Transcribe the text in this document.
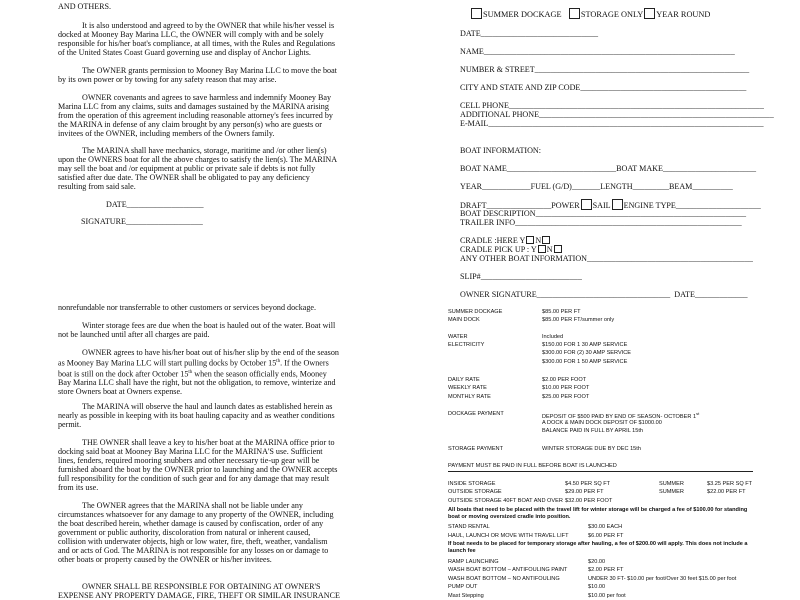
AND OTHERS.

It is also understood and agreed to by the OWNER that while his/her vessel is docked at Mooney Bay Marina LLC, the OWNER will comply with and be solely responsible for his/her boat's compliance, at all times, with the Rules and Regulations of the United States Coast Guard governing use and display of Anchor Lights.

The OWNER grants permission to Mooney Bay Marina LLC to move the boat by its own power or by towing for any safety reason that may arise.

OWNER covenants and agrees to save harmless and indemnify Mooney Bay Marina LLC from any claims, suits and damages sustained by the MARINA arising from the operation of this agreement including reasonable attorney's fees incurred by the MARINA in defense of any claim brought by any person(s) who are guests or invitees of the OWNER, including members of the Owners family.

The MARINA shall have mechanics, storage, maritime and /or other lien(s) upon the OWNERS boat for all the above charges to satisfy the lien(s). The MARINA may sell the boat and /or equipment at public or private sale if debts is not fully satisfied after due date. The OWNER shall be obligated to pay any deficiency resulting from said sale.

DATE___________________

SIGNATURE___________________

nonrefundable nor transferrable to other customers or services beyond dockage.

Winter storage fees are due when the boat is hauled out of the water. Boat will not be launched until after all charges are paid.

OWNER agrees to have his/her boat out of his/her slip by the end of the season as Mooney Bay Marina LLC will start pulling docks by October 15th. If the Owners boat is still on the dock after October 15th when the season officially ends, Mooney Bay Marina LLC shall have the right, but not the obligation, to remove, winterize and store Owners boat at Owners expense.

The MARINA will observe the haul and launch dates as established herein as nearly as possible in keeping with its boat hauling capacity and as weather conditions permit.

THE OWNER shall leave a key to his/her boat at the MARINA office prior to docking said boat at Mooney Bay Marina LLC for the MARINA'S use. Sufficient lines, fenders, required mooring snubbers and other necessary tie-up gear will be furnished aboard the boat by the OWNER prior to launching and the OWNER accepts full responsibility for the condition of such gear and for any damage that may result from its use.

The OWNER agrees that the MARINA shall not be liable under any circumstances whatsoever for any damage to any property of the OWNER, including the boat described herein, whether damage is caused by confiscation, order of any government or public authority, discoloration from natural or inherent caused, collision with underwater objects, high or low water, fire, theft, weather, vandalism and or acts of God. The MARINA is not responsible for any losses on or damage to other boats or property caused by the OWNER or his/her invitees.

OWNER SHALL BE RESPONSIBLE FOR OBTAINING AT OWNER'S EXPENSE ANY PROPERTY DAMAGE, FIRE, THEFT OR SIMILAR INSURANCE

SUMMER DOCKAGE STORAGE ONLY YEAR ROUND

DATE_____________________________

NAME______________________________________________________________

NUMBER & STREET_____________________________________________________

CITY AND STATE AND ZIP CODE_________________________________________

CELL PHONE_______________________________________________________________

ADDITIONAL PHONE__________________________________________________________

E-MAIL____________________________________________________________________

BOAT INFORMATION:

BOAT NAME___________________________BOAT MAKE_______________________

YEAR____________FUEL (G/D)_______LENGTH_________BEAM__________

DRAFT________________POWER SAIL ENGINE TYPE_____________________

BOAT DESCRIPTION____________________________________________________

TRAILER INFO________________________________________________________

CRADLE :HERE Y N

CRADLE PICK UP : Y N

ANY OTHER BOAT INFORMATION_________________________________________

SLIP#_________________________

OWNER SIGNATURE_________________________________ DATE_____________

SUMMER DOCKAGE	$85.00 PER FT

MAIN DOCK	$85.00 PER FT/summer only

WATER	Included

ELECTRICITY	$150.00 FOR 1 30 AMP SERVICE

$300.00 FOR (2) 30 AMP SERVICE

$300.00 FOR 1 50 AMP SERVICE

DAILY RATE	$2.00 PER FOOT

WEEKLY RATE	$10.00 PER FOOT

MONTHLY RATE	$25.00 PER FOOT

DOCKAGE PAYMENT	DEPOSIT OF $500 PAID BY END OF SEASON- OCTOBER 1st

A DOCK & MAIN DOCK DEPOSIT OF $1000.00

BALANCE PAID IN FULL BY APRIL 15th

STORAGE PAYMENT	WINTER STORAGE DUE BY DEC 15th

PAYMENT MUST BE PAID IN FULL BEFORE BOAT IS LAUNCHED

INSIDE STORAGE	$4.50 PER SQ FT	SUMMER	$3.25 PER SQ FT

OUTSIDE STORAGE	$29.00 PER FT	SUMMER	$22.00 PER FT

OUTSIDE STORAGE 40FT BOAT AND OVER $32.00 PER FOOT

All boats that need to be placed with the travel lift for winter storage will be charged a fee of $100.00 for standing boat or moving oversized cradle into position.

STAND RENTAL	$30.00 EACH

HAUL, LAUNCH OR MOVE WITH TRAVEL LIFT	$6.00 PER FT

If boat needs to be placed for temporary storage after hauling, a fee of $200.00 will apply. This does not include a launch fee

RAMP LAUNCHING	$20.00

WASH BOAT BOTTOM – ANTIFOULING PAINT	$2.00 PER FT

WASH BOAT BOTTOM – NO ANTIFOULING	UNDER 30 FT- $10.00 per foot/Over 30 feet $15.00 per foot

PUMP OUT	$10.00

Mast Stepping	$10.00 per foot
